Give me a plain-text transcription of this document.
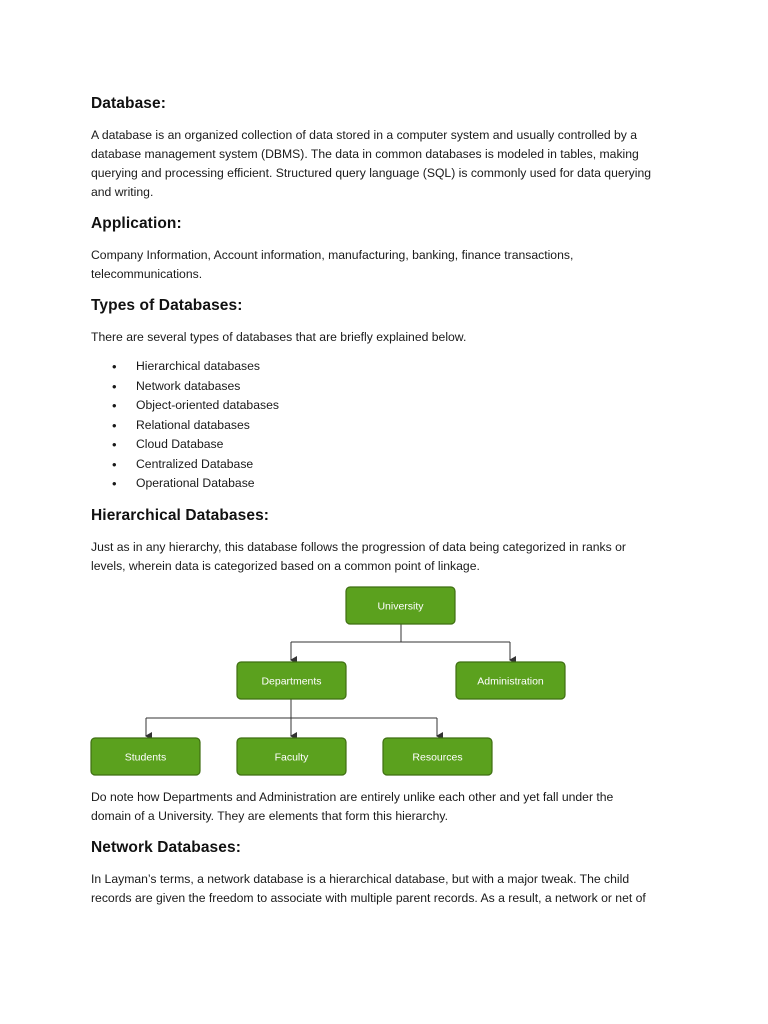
Database:

A database is an organized collection of data stored in a computer system and usually controlled by a
database management system (DBMS). The data in common databases is modeled in tables, making
querying and processing efficient. Structured query language (SQL) is commonly used for data querying
and writing.

Application:

Company Information, Account information, manufacturing, banking, finance transactions,
telecommunications.

Types of Databases:

There are several types of databases that are briefly explained below.

• Hierarchical databases
• Network databases
• Object-oriented databases
• Relational databases
• Cloud Database
• Centralized Database
• Operational Database
Hierarchical Databases:

Just as in any hierarchy, this database follows the progression of data being categorized in ranks or
levels, wherein data is categorized based on a common point of linkage.

Do note how Departments and Administration are entirely unlike each other and yet fall under the
domain of a University. They are elements that form this hierarchy.

Network Databases:

In Layman’s terms, a network database is a hierarchical database, but with a major tweak. The child
records are given the freedom to associate with multiple parent records. As a result, a network or net of

University
Departments	Administration
Students	Faculty	Resources
